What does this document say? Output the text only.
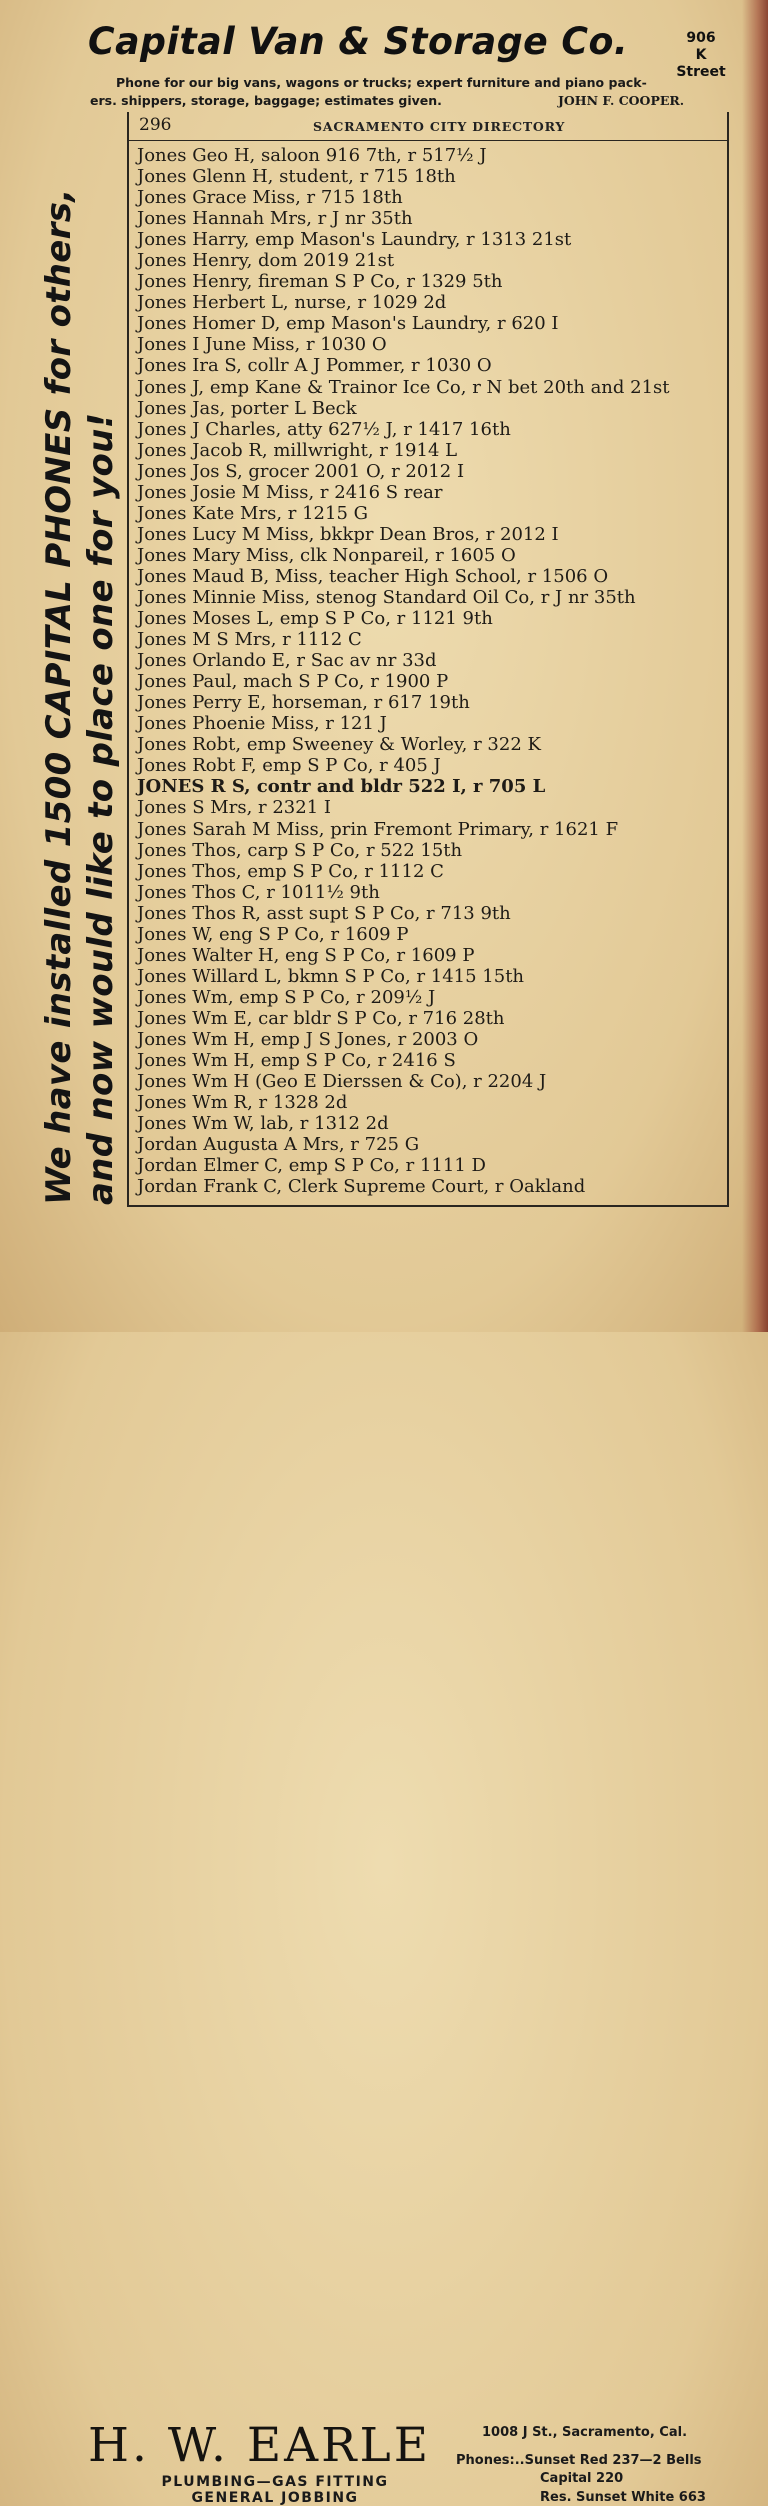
Capital Van & Storage Co.	906
K Street
Phone for our big vans, wagons or trucks; expert furniture and piano pack-
ers. shippers, storage, baggage; estimates given.	JOHN F. COOPER.
We have installed 1500 CAPITAL PHONES for others, and now would like to place one for you!
296	SACRAMENTO CITY DIRECTORY
Jones Geo H, saloon 916 7th, r 517½ J
Jones Glenn H, student, r 715 18th
Jones Grace Miss, r 715 18th
Jones Hannah Mrs, r J nr 35th
Jones Harry, emp Mason's Laundry, r 1313 21st
Jones Henry, dom 2019 21st
Jones Henry, fireman S P Co, r 1329 5th
Jones Herbert L, nurse, r 1029 2d
Jones Homer D, emp Mason's Laundry, r 620 I
Jones I June Miss, r 1030 O
Jones Ira S, collr A J Pommer, r 1030 O
Jones J, emp Kane & Trainor Ice Co, r N bet 20th and 21st
Jones Jas, porter L Beck
Jones J Charles, atty 627½ J, r 1417 16th
Jones Jacob R, millwright, r 1914 L
Jones Jos S, grocer 2001 O, r 2012 I
Jones Josie M Miss, r 2416 S rear
Jones Kate Mrs, r 1215 G
Jones Lucy M Miss, bkkpr Dean Bros, r 2012 I
Jones Mary Miss, clk Nonpareil, r 1605 O
Jones Maud B, Miss, teacher High School, r 1506 O
Jones Minnie Miss, stenog Standard Oil Co, r J nr 35th
Jones Moses L, emp S P Co, r 1121 9th
Jones M S Mrs, r 1112 C
Jones Orlando E, r Sac av nr 33d
Jones Paul, mach S P Co, r 1900 P
Jones Perry E, horseman, r 617 19th
Jones Phoenie Miss, r 121 J
Jones Robt, emp Sweeney & Worley, r 322 K
Jones Robt F, emp S P Co, r 405 J
JONES R S, contr and bldr 522 I, r 705 L
Jones S Mrs, r 2321 I
Jones Sarah M Miss, prin Fremont Primary, r 1621 F
Jones Thos, carp S P Co, r 522 15th
Jones Thos, emp S P Co, r 1112 C
Jones Thos C, r 1011½ 9th
Jones Thos R, asst supt S P Co, r 713 9th
Jones W, eng S P Co, r 1609 P
Jones Walter H, eng S P Co, r 1609 P
Jones Willard L, bkmn S P Co, r 1415 15th
Jones Wm, emp S P Co, r 209½ J
Jones Wm E, car bldr S P Co, r 716 28th
Jones Wm H, emp J S Jones, r 2003 O
Jones Wm H, emp S P Co, r 2416 S
Jones Wm H (Geo E Dierssen & Co), r 2204 J
Jones Wm R, r 1328 2d
Jones Wm W, lab, r 1312 2d
Jordan Augusta A Mrs, r 725 G
Jordan Elmer C, emp S P Co, r 1111 D
Jordan Frank C, Clerk Supreme Court, r Oakland
H. W. EARLE
PLUMBING—GAS FITTING
GENERAL JOBBING
1008 J St., Sacramento, Cal.
Phones:..Sunset Red 237—2 Bells
Capital 220
Res. Sunset White 663
